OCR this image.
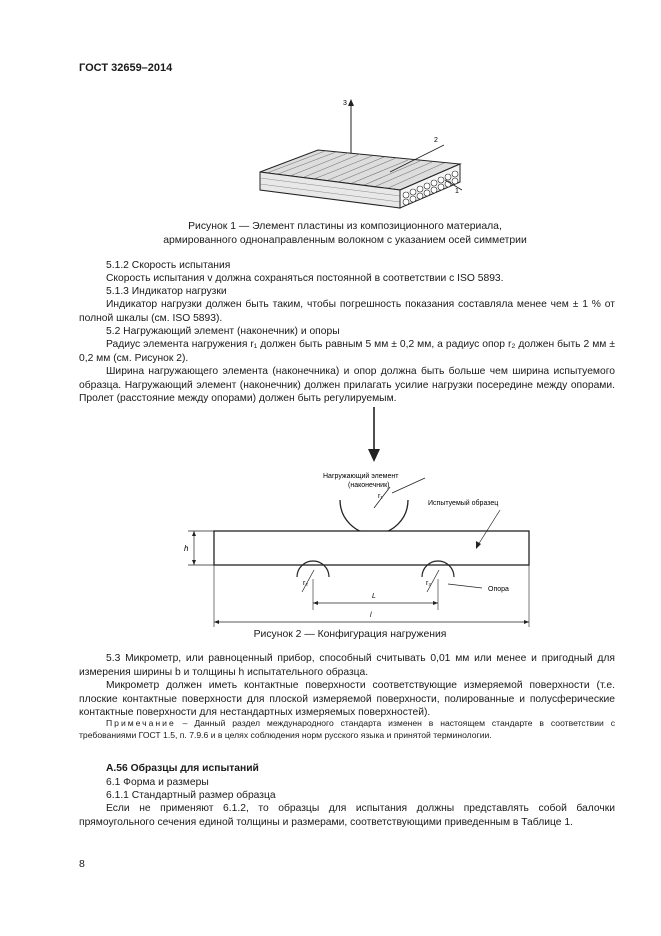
ГОСТ 32659–2014
3
2
1
Рисунок 1 — Элемент пластины из композиционного материала,
армированного однонаправленным волокном с указанием осей симметрии
5.1.2 Скорость испытания
Скорость испытания v должна сохраняться постоянной в соответствии с ISO 5893.
5.1.3 Индикатор нагрузки
Индикатор нагрузки должен быть таким, чтобы погрешность показания составляла менее чем ± 1 % от полной шкалы (см. ISO 5893).
5.2 Нагружающий элемент (наконечник) и опоры
Радиус элемента нагружения r₁ должен быть равным 5 мм ± 0,2 мм, а радиус опор r₂ должен быть 2 мм ± 0,2 мм (см. Рисунок 2).
Ширина нагружающего элемента (наконечника) и опор должна быть больше чем ширина испытуемого образца. Нагружающий элемент (наконечник) должен прилагать усилие нагрузки посередине между опорами. Пролет (расстояние между опорами) должен быть регулируемым.
r₁
h
r₂	r₂
L
l
Нагружающий элемент
(наконечник)
Испытуемый образец
Опора
Рисунок 2 — Конфигурация нагружения
5.3 Микрометр, или равноценный прибор, способный считывать 0,01 мм или менее и пригодный для измерения ширины b и толщины h испытательного образца.
Микрометр должен иметь контактные поверхности соответствующие измеряемой поверхности (т.е. плоские контактные поверхности для плоской измеряемой поверхности, полированные и полусферические контактные поверхности для нестандартных измеряемых поверхностей).
Примечание – Данный раздел международного стандарта изменен в настоящем стандарте в соответствии с требованиями ГОСТ 1.5, п. 7.9.6 и в целях соблюдения норм русского языка и принятой терминологии.
А.56 Образцы для испытаний
6.1 Форма и размеры
6.1.1 Стандартный размер образца
Если не применяют 6.1.2, то образцы для испытания должны представлять собой балочки прямоугольного сечения единой толщины и размерами, соответствующими приведенным в Таблице 1.
8
